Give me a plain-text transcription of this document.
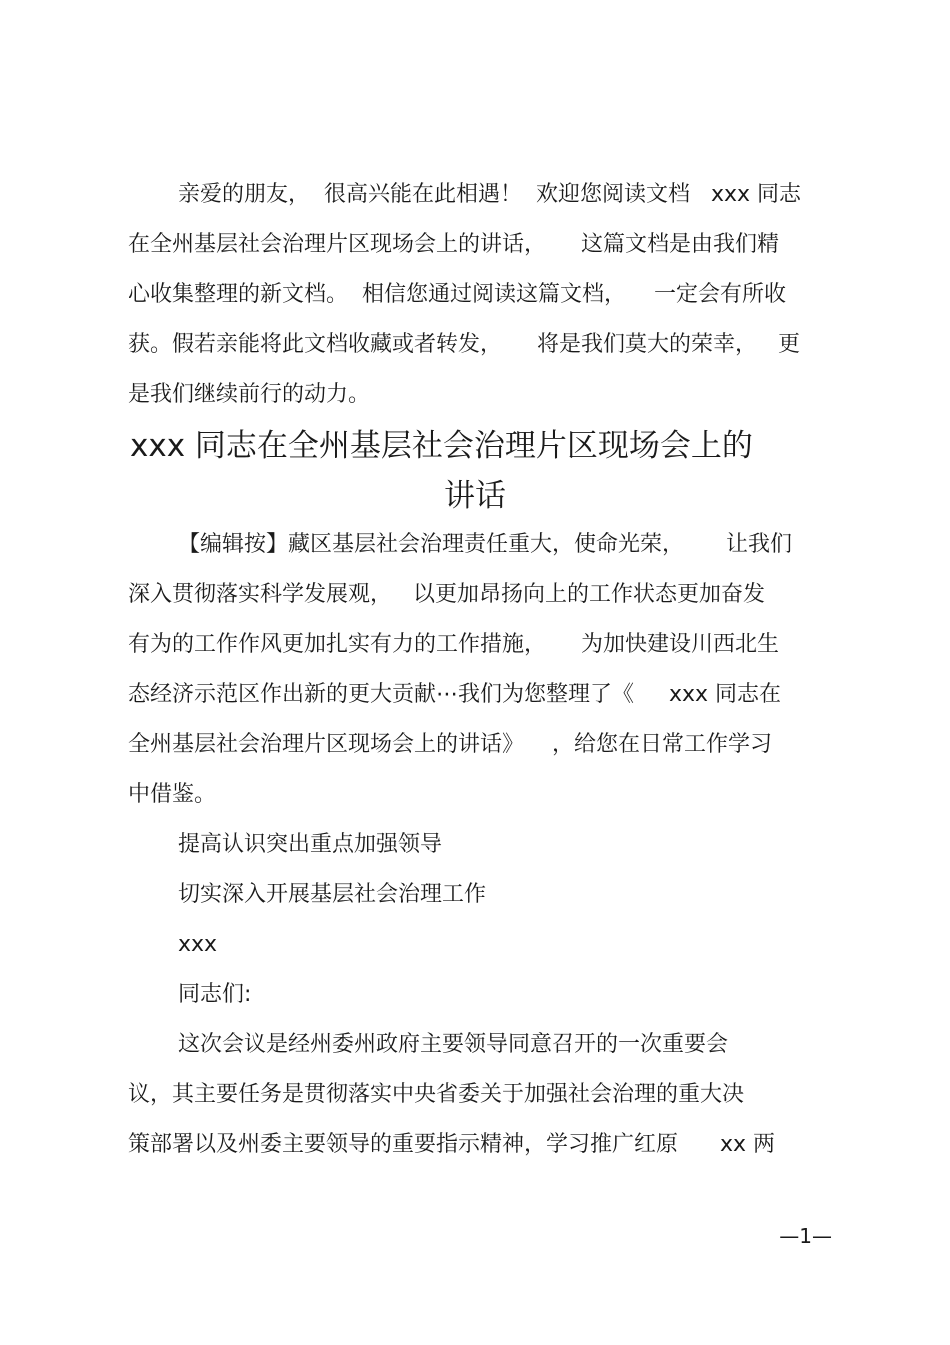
亲爱的朋友，  很高兴能在此相遇！  欢迎您阅读文档   xxx 同志
在全州基层社会治理片区现场会上的讲话，     这篇文档是由我们精
心收集整理的新文档。  相信您通过阅读这篇文档，    一定会有所收
获。假若亲能将此文档收藏或者转发，     将是我们莫大的荣幸，   更
是我们继续前行的动力。
xxx 同志在全州基层社会治理片区现场会上的
讲话
【编辑按】藏区基层社会治理责任重大，使命光荣，      让我们
深入贯彻落实科学发展观，   以更加昂扬向上的工作状态更加奋发
有为的工作作风更加扎实有力的工作措施，     为加快建设川西北生
态经济示范区作出新的更大贡献⋯我们为您整理了《     xxx 同志在
全州基层社会治理片区现场会上的讲话》    ，给您在日常工作学习
中借鉴。
提高认识突出重点加强领导
切实深入开展基层社会治理工作
xxx
同志们:
这次会议是经州委州政府主要领导同意召开的一次重要会
议，其主要任务是贯彻落实中央省委关于加强社会治理的重大决
策部署以及州委主要领导的重要指示精神，学习推广红原      xx 两
—1—
